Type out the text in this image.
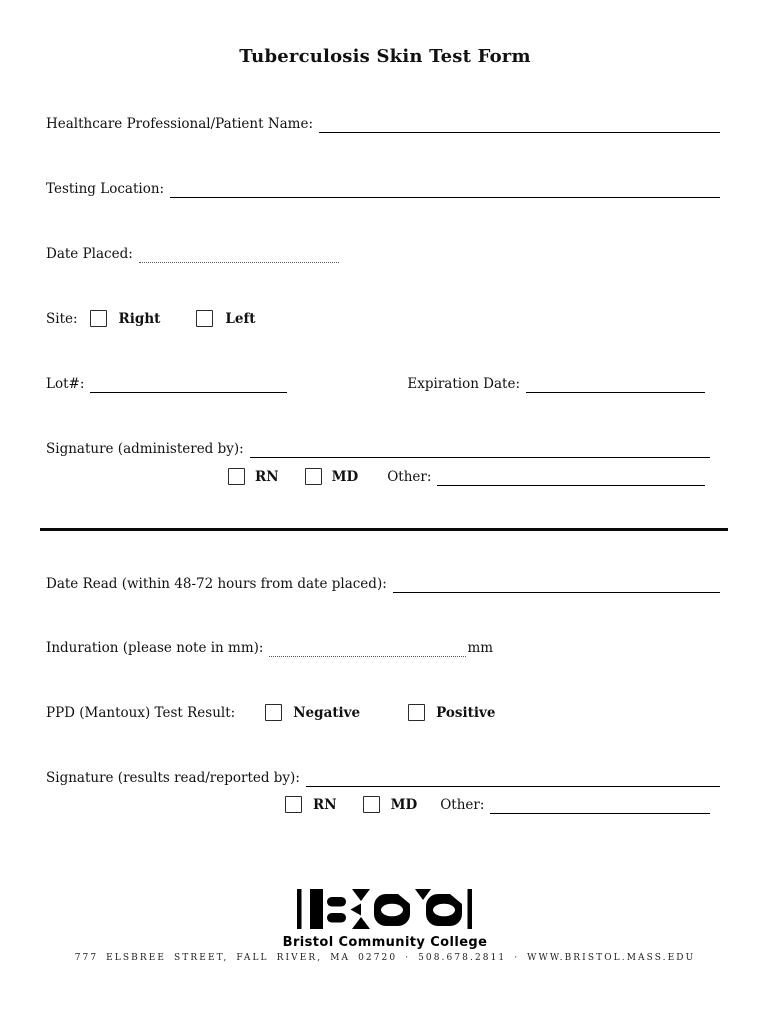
Tuberculosis Skin Test Form
Healthcare Professional/Patient Name:
Testing Location:
Date Placed:
Site:	Right	Left
Lot#:	Expiration Date:
Signature (administered by):
RN	MD Other:
Date Read (within 48-72 hours from date placed):
Induration (please note in mm):	mm
PPD (Mantoux) Test Result:	Negative	Positive
Signature (results read/reported by):
RN	MD Other:
Bristol Community College
777 ELSBREE STREET, FALL RIVER, MA 02720 · 508.678.2811 · WWW.BRISTOL.MASS.EDU
